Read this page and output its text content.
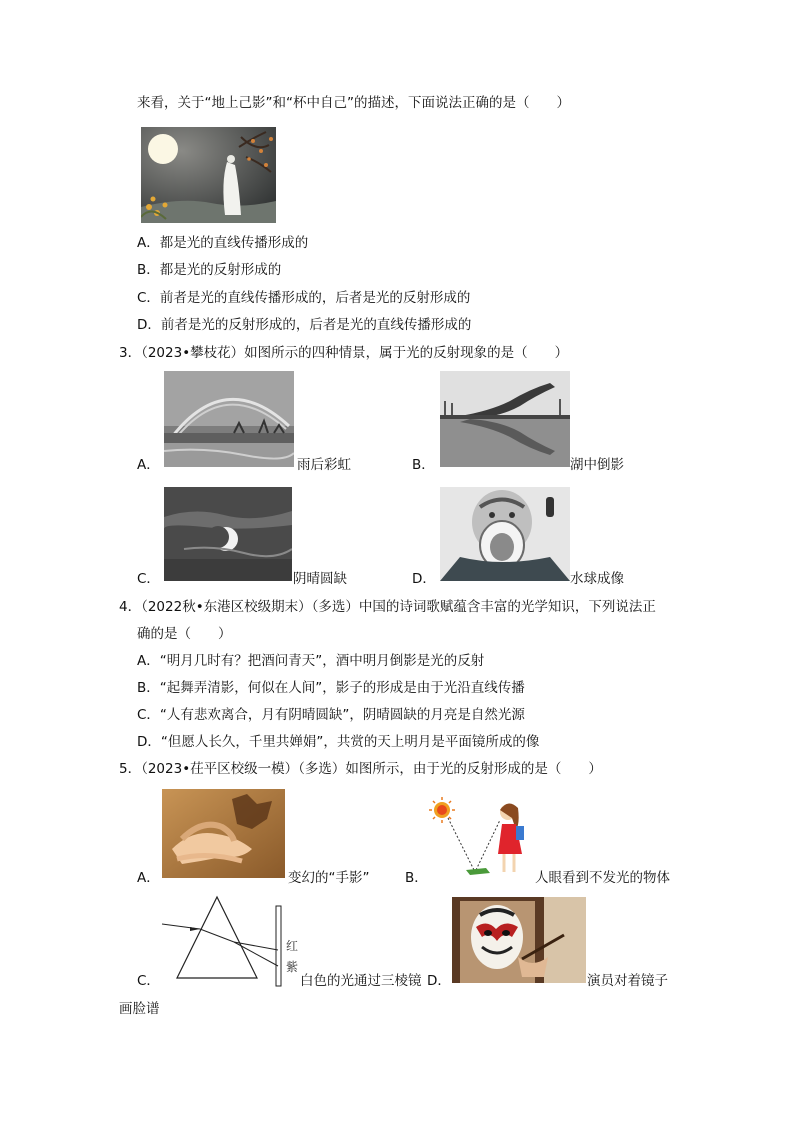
来看，关于“地上己影”和“杯中自己”的描述，下面说法正确的是（　　）
A．都是光的直线传播形成的
B．都是光的反射形成的
C．前者是光的直线传播形成的，后者是光的反射形成的
D．前者是光的反射形成的，后者是光的直线传播形成的
3．（2023•攀枝花）如图所示的四种情景，属于光的反射现象的是（　　）
A．	雨后彩虹	B．	湖中倒影
C．	阴晴圆缺	D．	水球成像
4．（2022秋•东港区校级期末）（多选）中国的诗词歌赋蕴含丰富的光学知识，下列说法正
确的是（　　）
A．“明月几时有？把酒问青天”，酒中明月倒影是光的反射
B．“起舞弄清影，何似在人间”，影子的形成是由于光沿直线传播
C．“人有悲欢离合，月有阴晴圆缺”，阴晴圆缺的月亮是自然光源
D．“但愿人长久，千里共婵娟”，共赏的天上明月是平面镜所成的像
5．（2023•茌平区校级一模）（多选）如图所示，由于光的反射形成的是（　　）
A．	变幻的“手影”	B．	人眼看到不发光的物体
C．
红
紫
白色的光通过三棱镜 D．	演员对着镜子
画脸谱
